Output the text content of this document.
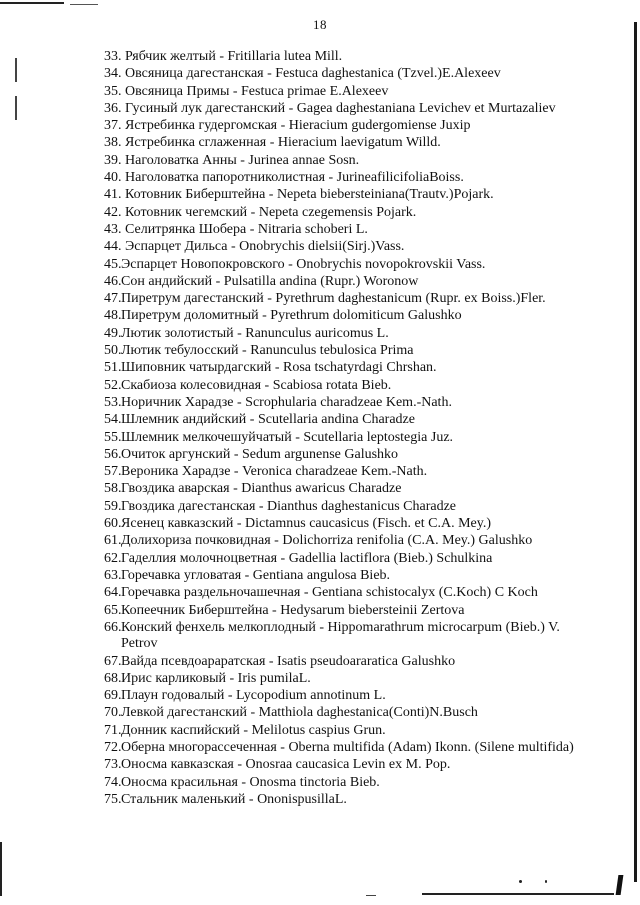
18
33. Рябчик желтый - Fritillaria lutea Mill.
34. Овсяница дагестанская - Festuca daghestanica (Tzvel.)E.Alexeev
35. Овсяница Примы - Festuca primae E.Alexeev
36. Гусиный лук дагестанский - Gagea daghestaniana Levichev et Murtazaliev
37. Ястребинка гудергомская - Hieracium gudergomiense Juxip
38. Ястребинка сглаженная - Hieracium laevigatum Willd.
39. Наголоватка Анны - Jurinea annae Sosn.
40. Наголоватка папоротниколистная - JurineafilicifoliaBoiss.
41. Котовник Биберштейна - Nepeta biebersteiniana(Trautv.)Pojark.
42. Котовник чегемский - Nepeta czegemensis Pojark.
43. Селитрянка Шобера - Nitraria schoberi L.
44. Эспарцет Дильса - Onobrychis dielsii(Sirj.)Vass.
45. Эспарцет Новопокровского - Onobrychis novopokrovskii Vass.
46. Сон андийский - Pulsatilla andina (Rupr.) Woronow
47. Пиретрум дагестанский - Pyrethrum daghestanicum (Rupr. ex Boiss.)Fler.
48. Пиретрум доломитный - Pyrethrum dolomiticum Galushko
49. Лютик золотистый - Ranunculus auricomus L.
50. Лютик тебулосский - Ranunculus tebulosica Prima
51. Шиповник чатырдагский - Rosa tschatyrdagi Chrshan.
52. Скабиоза колесовидная - Scabiosa rotata Bieb.
53. Норичник Харадзе - Scrophularia charadzeae Kem.-Nath.
54. Шлемник андийский - Scutellaria andina Charadze
55. Шлемник мелкочешуйчатый - Scutellaria leptostegia Juz.
56. Очиток аргунский - Sedum argunense Galushko
57. Вероника Харадзе - Veronica charadzeae Kem.-Nath.
58. Гвоздика аварская - Dianthus awaricus Charadze
59. Гвоздика дагестанская - Dianthus daghestanicus Charadze
60. Ясенец кавказский - Dictamnus caucasicus (Fisch. et C.A. Mey.)
61. Долихориза почковидная - Dolichorriza renifolia (C.A. Mey.) Galushko
62. Гаделлия молочноцветная - Gadellia lactiflora (Bieb.) Schulkina
63. Горечавка угловатая - Gentiana angulosa Bieb.
64. Горечавка раздельночашечная - Gentiana schistocalyx (C.Koch) C Koch
65. Копеечник Биберштейна - Hedysarum biebersteinii Zertova
66. Конский фенхель мелкоплодный - Hippomarathrum microcarpum (Bieb.) V. Petrov
67. Вайда псевдоараратская - Isatis pseudoararatica Galushko
68. Ирис карликовый - Iris pumilaL.
69. Плаун годовалый - Lycopodium annotinum L.
70. Левкой дагестанский - Matthiola daghestanica(Conti)N.Busch
71. Донник каспийский - Melilotus caspius Grun.
72. Оберна многорассеченная - Oberna multifida (Adam) Ikonn. (Silene multifida)
73. Оносма кавказская - Onosraa caucasica Levin ex M. Pop.
74. Оносма красильная - Onosma tinctoria Bieb.
75. Стальник маленький - OnonispusillaL.
